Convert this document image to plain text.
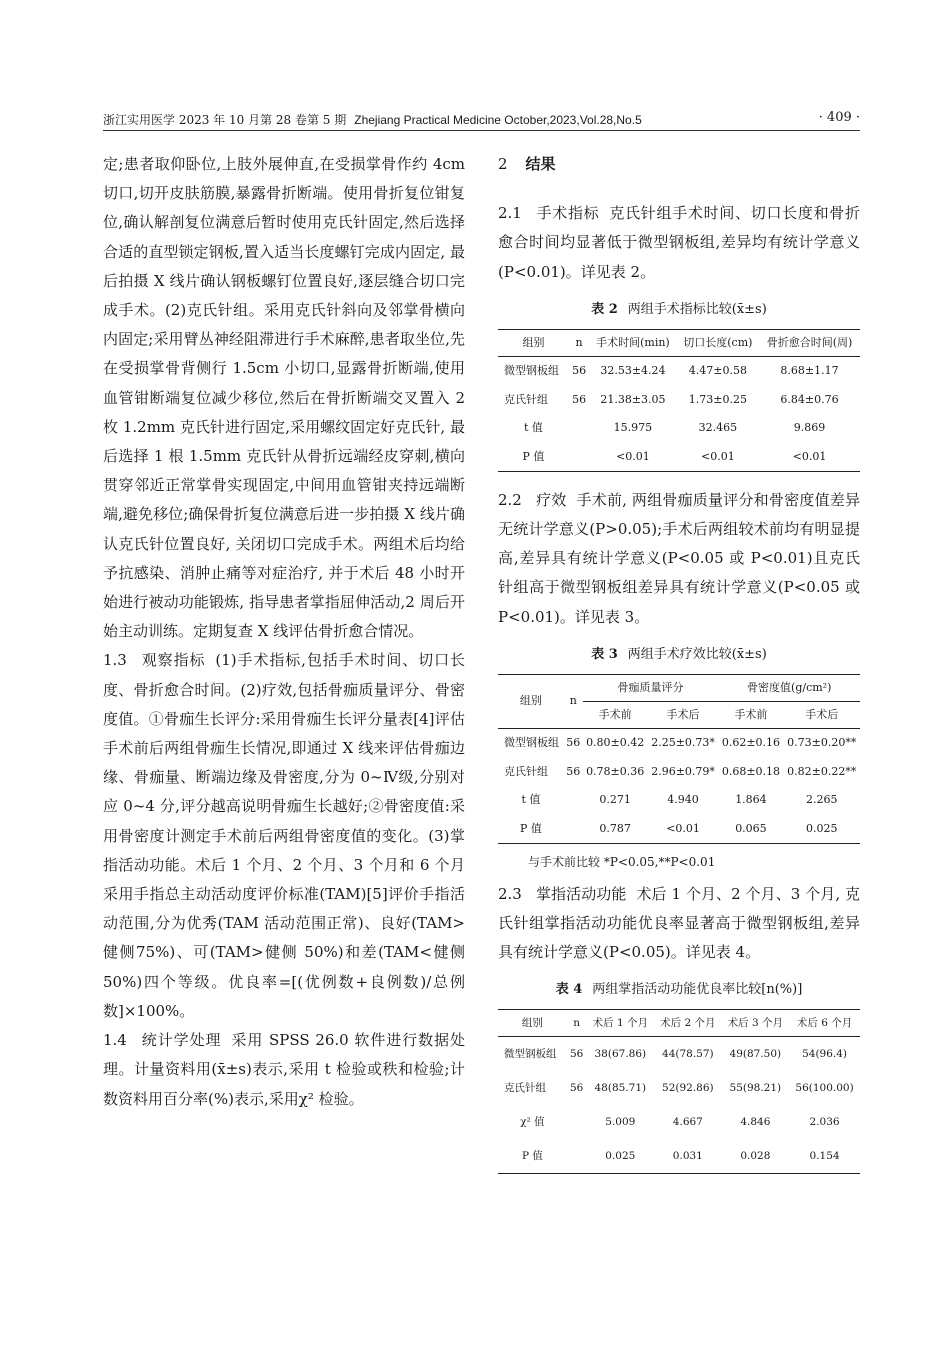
浙江实用医学 2023 年 10 月第 28 卷第 5 期 Zhejiang Practical Medicine October,2023,Vol.28,No.5	· 409 ·

定;患者取仰卧位,上肢外展伸直,在受损掌骨作约 4cm 切口,切开皮肤筋膜,暴露骨折断端。使用骨折复位钳复位,确认解剖复位满意后暂时使用克氏针固定,然后选择合适的直型锁定钢板,置入适当长度螺钉完成内固定, 最后拍摄 X 线片确认钢板螺钉位置良好,逐层缝合切口完成手术。(2)克氏针组。采用克氏针斜向及邻掌骨横向内固定;采用臂丛神经阻滞进行手术麻醉,患者取坐位,先在受损掌骨背侧行 1.5cm 小切口,显露骨折断端,使用血管钳断端复位减少移位,然后在骨折断端交叉置入 2 枚 1.2mm 克氏针进行固定,采用螺纹固定好克氏针, 最后选择 1 根 1.5mm 克氏针从骨折远端经皮穿刺,横向贯穿邻近正常掌骨实现固定,中间用血管钳夹持远端断端,避免移位;确保骨折复位满意后进一步拍摄 X 线片确认克氏针位置良好, 关闭切口完成手术。两组术后均给予抗感染、消肿止痛等对症治疗, 并于术后 48 小时开始进行被动功能锻炼, 指导患者掌指屈伸活动,2 周后开始主动训练。定期复查 X 线评估骨折愈合情况。

1.3 观察指标 (1)手术指标,包括手术时间、切口长度、骨折愈合时间。(2)疗效,包括骨痂质量评分、骨密度值。①骨痂生长评分:采用骨痂生长评分量表[4]评估手术前后两组骨痂生长情况,即通过 X 线来评估骨痂边缘、骨痂量、断端边缘及骨密度,分为 0~Ⅳ级,分别对应 0~4 分,评分越高说明骨痂生长越好;②骨密度值:采用骨密度计测定手术前后两组骨密度值的变化。(3)掌指活动功能。术后 1 个月、2 个月、3 个月和 6 个月采用手指总主动活动度评价标准(TAM)[5]评价手指活动范围,分为优秀(TAM 活动范围正常)、良好(TAM>健侧75%)、可(TAM>健侧 50%)和差(TAM<健侧50%)四个等级。优良率=[(优例数+良例数)/总例数]×100%。

1.4 统计学处理 采用 SPSS 26.0 软件进行数据处理。计量资料用(x̄±s)表示,采用 t 检验或秩和检验;计数资料用百分率(%)表示,采用χ² 检验。

2 结果

2.1 手术指标 克氏针组手术时间、切口长度和骨折愈合时间均显著低于微型钢板组,差异均有统计学意义(P<0.01)。详见表 2。

表 2 两组手术指标比较(x̄±s)
组别	n	手术时间(min)	切口长度(cm)	骨折愈合时间(周)
微型钢板组	56	32.53±4.24	4.47±0.58	8.68±1.17
克氏针组	56	21.38±3.05	1.73±0.25	6.84±0.76
t 值		15.975	32.465	9.869
P 值		<0.01	<0.01	<0.01

2.2 疗效 手术前, 两组骨痂质量评分和骨密度值差异无统计学意义(P>0.05);手术后两组较术前均有明显提高,差异具有统计学意义(P<0.05 或 P<0.01)且克氏针组高于微型钢板组差异具有统计学意义(P<0.05 或 P<0.01)。详见表 3。

表 3 两组手术疗效比较(x̄±s)
组别	n	骨痂质量评分		骨密度值(g/cm²)	
		手术前	手术后	手术前	手术后
微型钢板组	56	0.80±0.42	2.25±0.73*	0.62±0.16	0.73±0.20**
克氏针组	56	0.78±0.36	2.96±0.79*	0.68±0.18	0.82±0.22**
t 值		0.271	4.940	1.864	2.265
P 值		0.787	<0.01	0.065	0.025
与手术前比较 *P<0.05,**P<0.01

2.3 掌指活动功能 术后 1 个月、2 个月、3 个月, 克氏针组掌指活动功能优良率显著高于微型钢板组,差异具有统计学意义(P<0.05)。详见表 4。

表 4 两组掌指活动功能优良率比较[n(%)]
组别	n	术后 1 个月	术后 2 个月	术后 3 个月	术后 6 个月
微型钢板组	56	38(67.86)	44(78.57)	49(87.50)	54(96.4)
克氏针组	56	48(85.71)	52(92.86)	55(98.21)	56(100.00)
χ² 值		5.009	4.667	4.846	2.036
P 值		0.025	0.031	0.028	0.154
